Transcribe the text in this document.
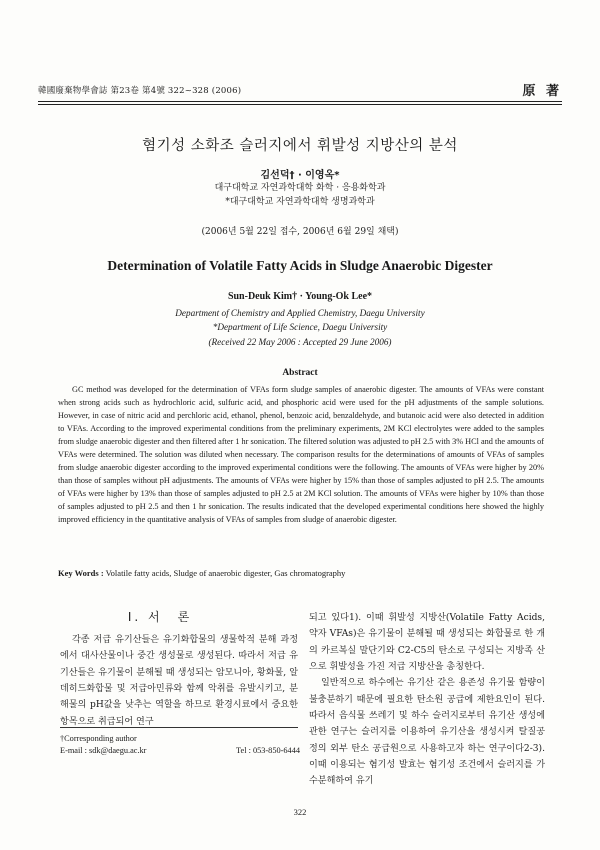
韓國廢棄物學會誌 第23卷 第4號 322~328 (2006)	原 著
혐기성 소화조 슬러지에서 휘발성 지방산의 분석
김선덕† · 이영옥*
대구대학교 자연과학대학 화학 · 응용화학과
*대구대학교 자연과학대학 생명과학과
(2006년 5월 22일 접수, 2006년 6월 29일 채택)
Determination of Volatile Fatty Acids in Sludge Anaerobic Digester
Sun-Deuk Kim† · Young-Ok Lee*
Department of Chemistry and Applied Chemistry, Daegu University
*Department of Life Science, Daegu University
(Received 22 May 2006 : Accepted 29 June 2006)
Abstract

GC method was developed for the determination of VFAs form sludge samples of anaerobic digester. The amounts of VFAs were constant when strong acids such as hydrochloric acid, sulfuric acid, and phosphoric acid were used for the pH adjustments of the sample solutions. However, in case of nitric acid and perchloric acid, ethanol, phenol, benzoic acid, benzaldehyde, and butanoic acid were also detected in addition to VFAs. According to the improved experimental conditions from the preliminary experiments, 2M KCl electrolytes were added to the samples from sludge anaerobic digester and then filtered after 1 hr sonication. The filtered solution was adjusted to pH 2.5 with 3% HCl and the amounts of VFAs were determined. The solution was diluted when necessary. The comparison results for the determinations of amounts of VFAs of samples from sludge anaerobic digester according to the improved experimental conditions were the following. The amounts of VFAs were higher by 20% than those of samples without pH adjustments. The amounts of VFAs were higher by 15% than those of samples adjusted to pH 2.5. The amounts of VFAs were higher by 13% than those of samples adjusted to pH 2.5 at 2M KCl solution. The amounts of VFAs were higher by 10% than those of samples adjusted to pH 2.5 and then 1 hr sonication. The results indicated that the developed experimental conditions here showed the highly improved efficiency in the quantitative analysis of VFAs of samples from sludge of anaerobic digester.

Key Words : Volatile fatty acids, Sludge of anaerobic digester, Gas chromatography
I. 서　론

각종 저급 유기산들은 유기화합물의 생물학적 분해 과정에서 대사산물이나 중간 생성물로 생성된다. 따라서 저급 유기산들은 유기물이 분해될 때 생성되는 암모니아, 황화물, 알데히드화합물 및 저급아민류와 함께 악취를 유발시키고, 분해물의 pH값을 낮추는 역할을 하므로 환경시료에서 중요한 항목으로 취급되어 연구

되고 있다1). 이때 휘발성 지방산(Volatile Fatty Acids, 약자 VFAs)은 유기물이 분해될 때 생성되는 화합물로 한 개의 카르복실 말단기와 C2-C5의 탄소로 구성되는 지방족 산으로 휘발성을 가진 저급 지방산을 총칭한다.

일반적으로 하수에는 유기산 같은 용존성 유기물 함량이 불충분하기 때문에 필요한 탄소원 공급에 제한요인이 된다. 따라서 음식물 쓰레기 및 하수 슬러지로부터 유기산 생성에 관한 연구는 슬러지를 이용하여 유기산을 생성시켜 탈질공정의 외부 탄소 공급원으로 사용하고자 하는 연구이다2-3). 이때 이용되는 혐기성 발효는 혐기성 조건에서 슬러지를 가수분해하여 유기

†Corresponding author
E-mail : sdk@daegu.ac.kr	Tel : 053-850-6444
322
